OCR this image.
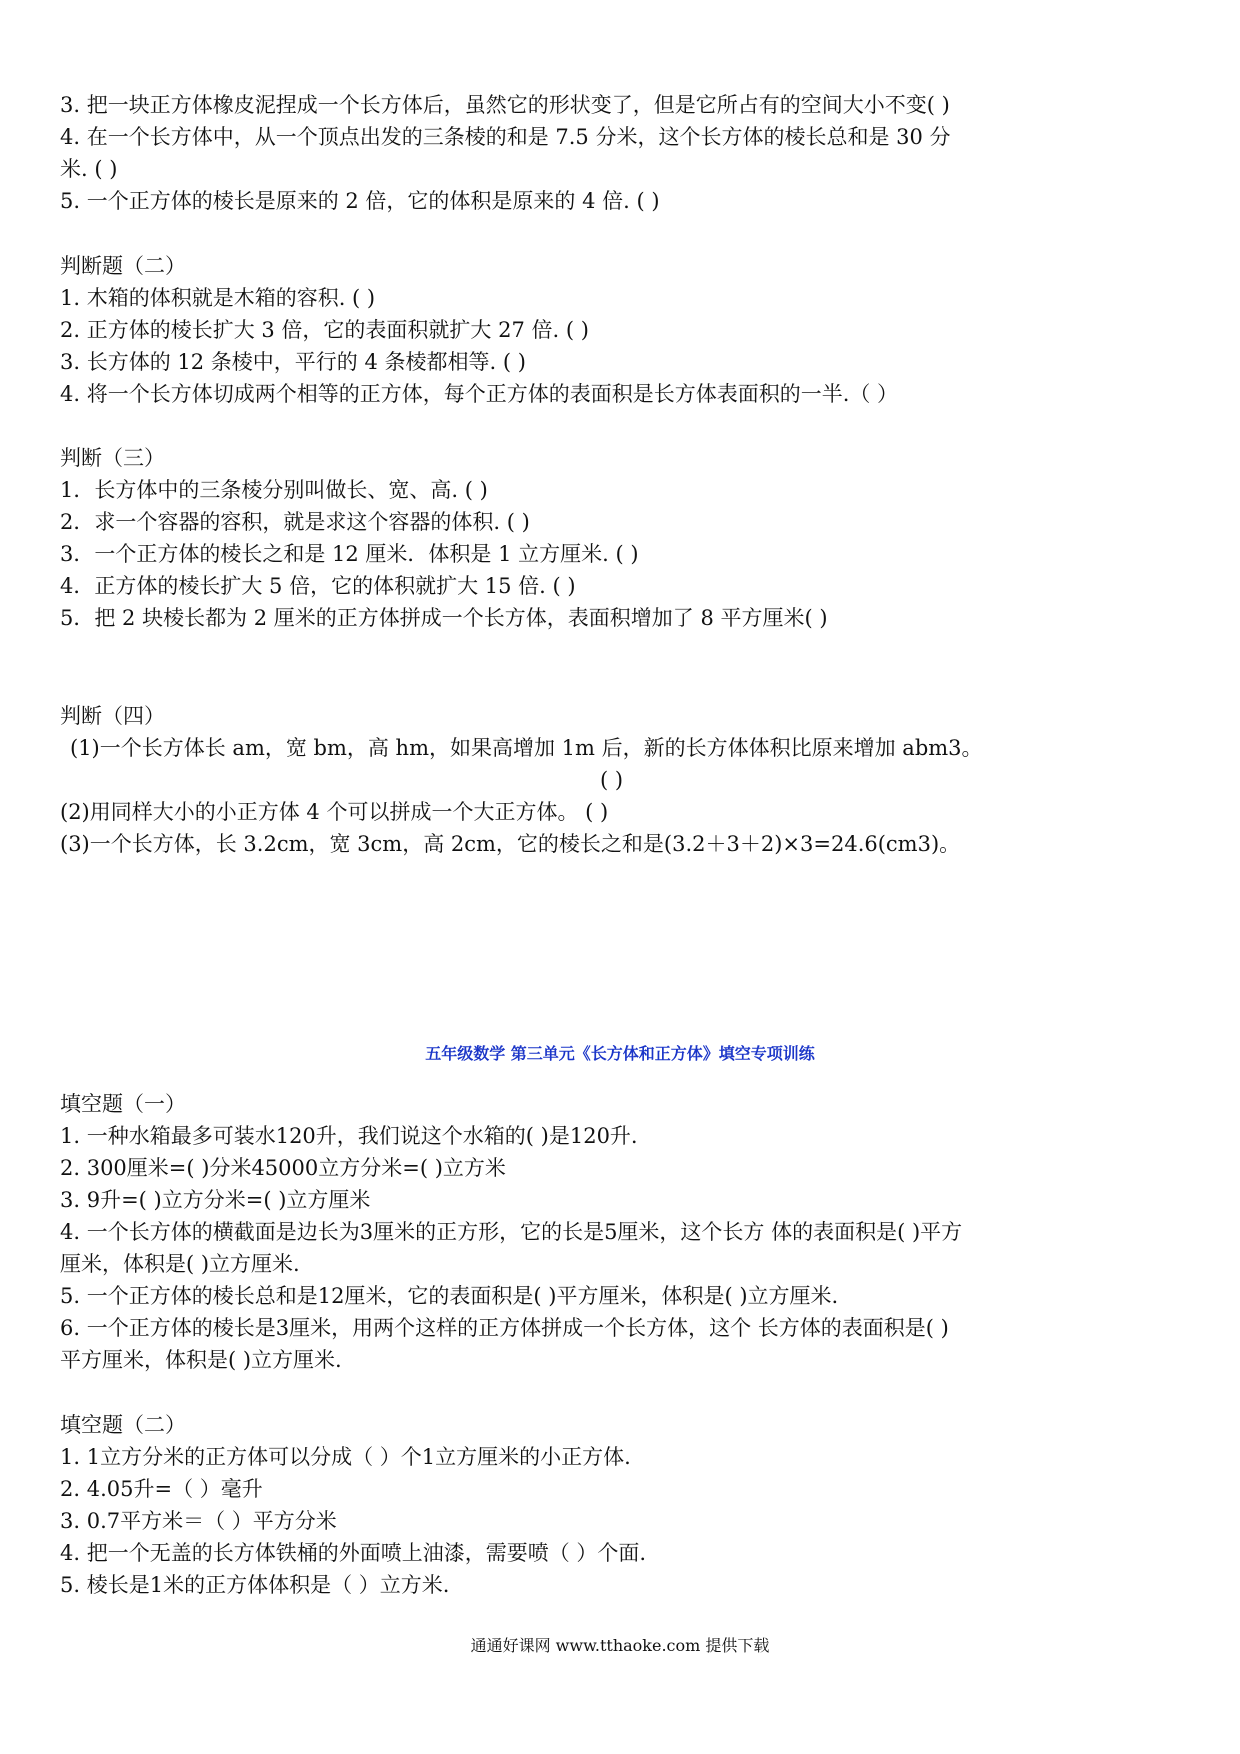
3. 把一块正方体橡皮泥捏成一个长方体后，虽然它的形状变了，但是它所占有的空间大小不变( )
4. 在一个长方体中，从一个顶点出发的三条棱的和是 7.5 分米，这个长方体的棱长总和是 30 分
米. ( )
5. 一个正方体的棱长是原来的 2 倍，它的体积是原来的 4 倍. ( )
判断题（二）
1. 木箱的体积就是木箱的容积. ( )
2. 正方体的棱长扩大 3 倍，它的表面积就扩大 27 倍. ( )
3. 长方体的 12 条棱中，平行的 4 条棱都相等. ( )
4. 将一个长方体切成两个相等的正方体，每个正方体的表面积是长方体表面积的一半.（ ）
判断（三）
1．长方体中的三条棱分别叫做长、宽、高. ( )
2．求一个容器的容积，就是求这个容器的体积. ( )
3．一个正方体的棱长之和是 12 厘米．体积是 1 立方厘米. ( )
4．正方体的棱长扩大 5 倍，它的体积就扩大 15 倍. ( )
5．把 2 块棱长都为 2 厘米的正方体拼成一个长方体，表面积增加了 8 平方厘米( )
判断（四）
(1)一个长方体长 am，宽 bm，高 hm，如果高增加 1m 后，新的长方体体积比原来增加 abm3。
( )
(2)用同样大小的小正方体 4 个可以拼成一个大正方体。 ( )
(3)一个长方体，长 3.2cm，宽 3cm，高 2cm，它的棱长之和是(3.2＋3＋2)×3=24.6(cm3)。
五年级数学 第三单元《长方体和正方体》填空专项训练
填空题（一）
1. 一种水箱最多可装水120升，我们说这个水箱的( )是120升.
2. 300厘米=( )分米45000立方分米=( )立方米
3. 9升=( )立方分米=( )立方厘米
4. 一个长方体的横截面是边长为3厘米的正方形，它的长是5厘米，这个长方 体的表面积是( )平方
厘米，体积是( )立方厘米.
5. 一个正方体的棱长总和是12厘米，它的表面积是( )平方厘米，体积是( )立方厘米.
6. 一个正方体的棱长是3厘米，用两个这样的正方体拼成一个长方体，这个 长方体的表面积是( )
平方厘米，体积是( )立方厘米.
填空题（二）
1. 1立方分米的正方体可以分成（ ）个1立方厘米的小正方体.
2. 4.05升=（ ）毫升
3. 0.7平方米＝（ ）平方分米
4. 把一个无盖的长方体铁桶的外面喷上油漆，需要喷（ ）个面.
5. 棱长是1米的正方体体积是（ ）立方米.
通通好课网 www.tthaoke.com 提供下载
